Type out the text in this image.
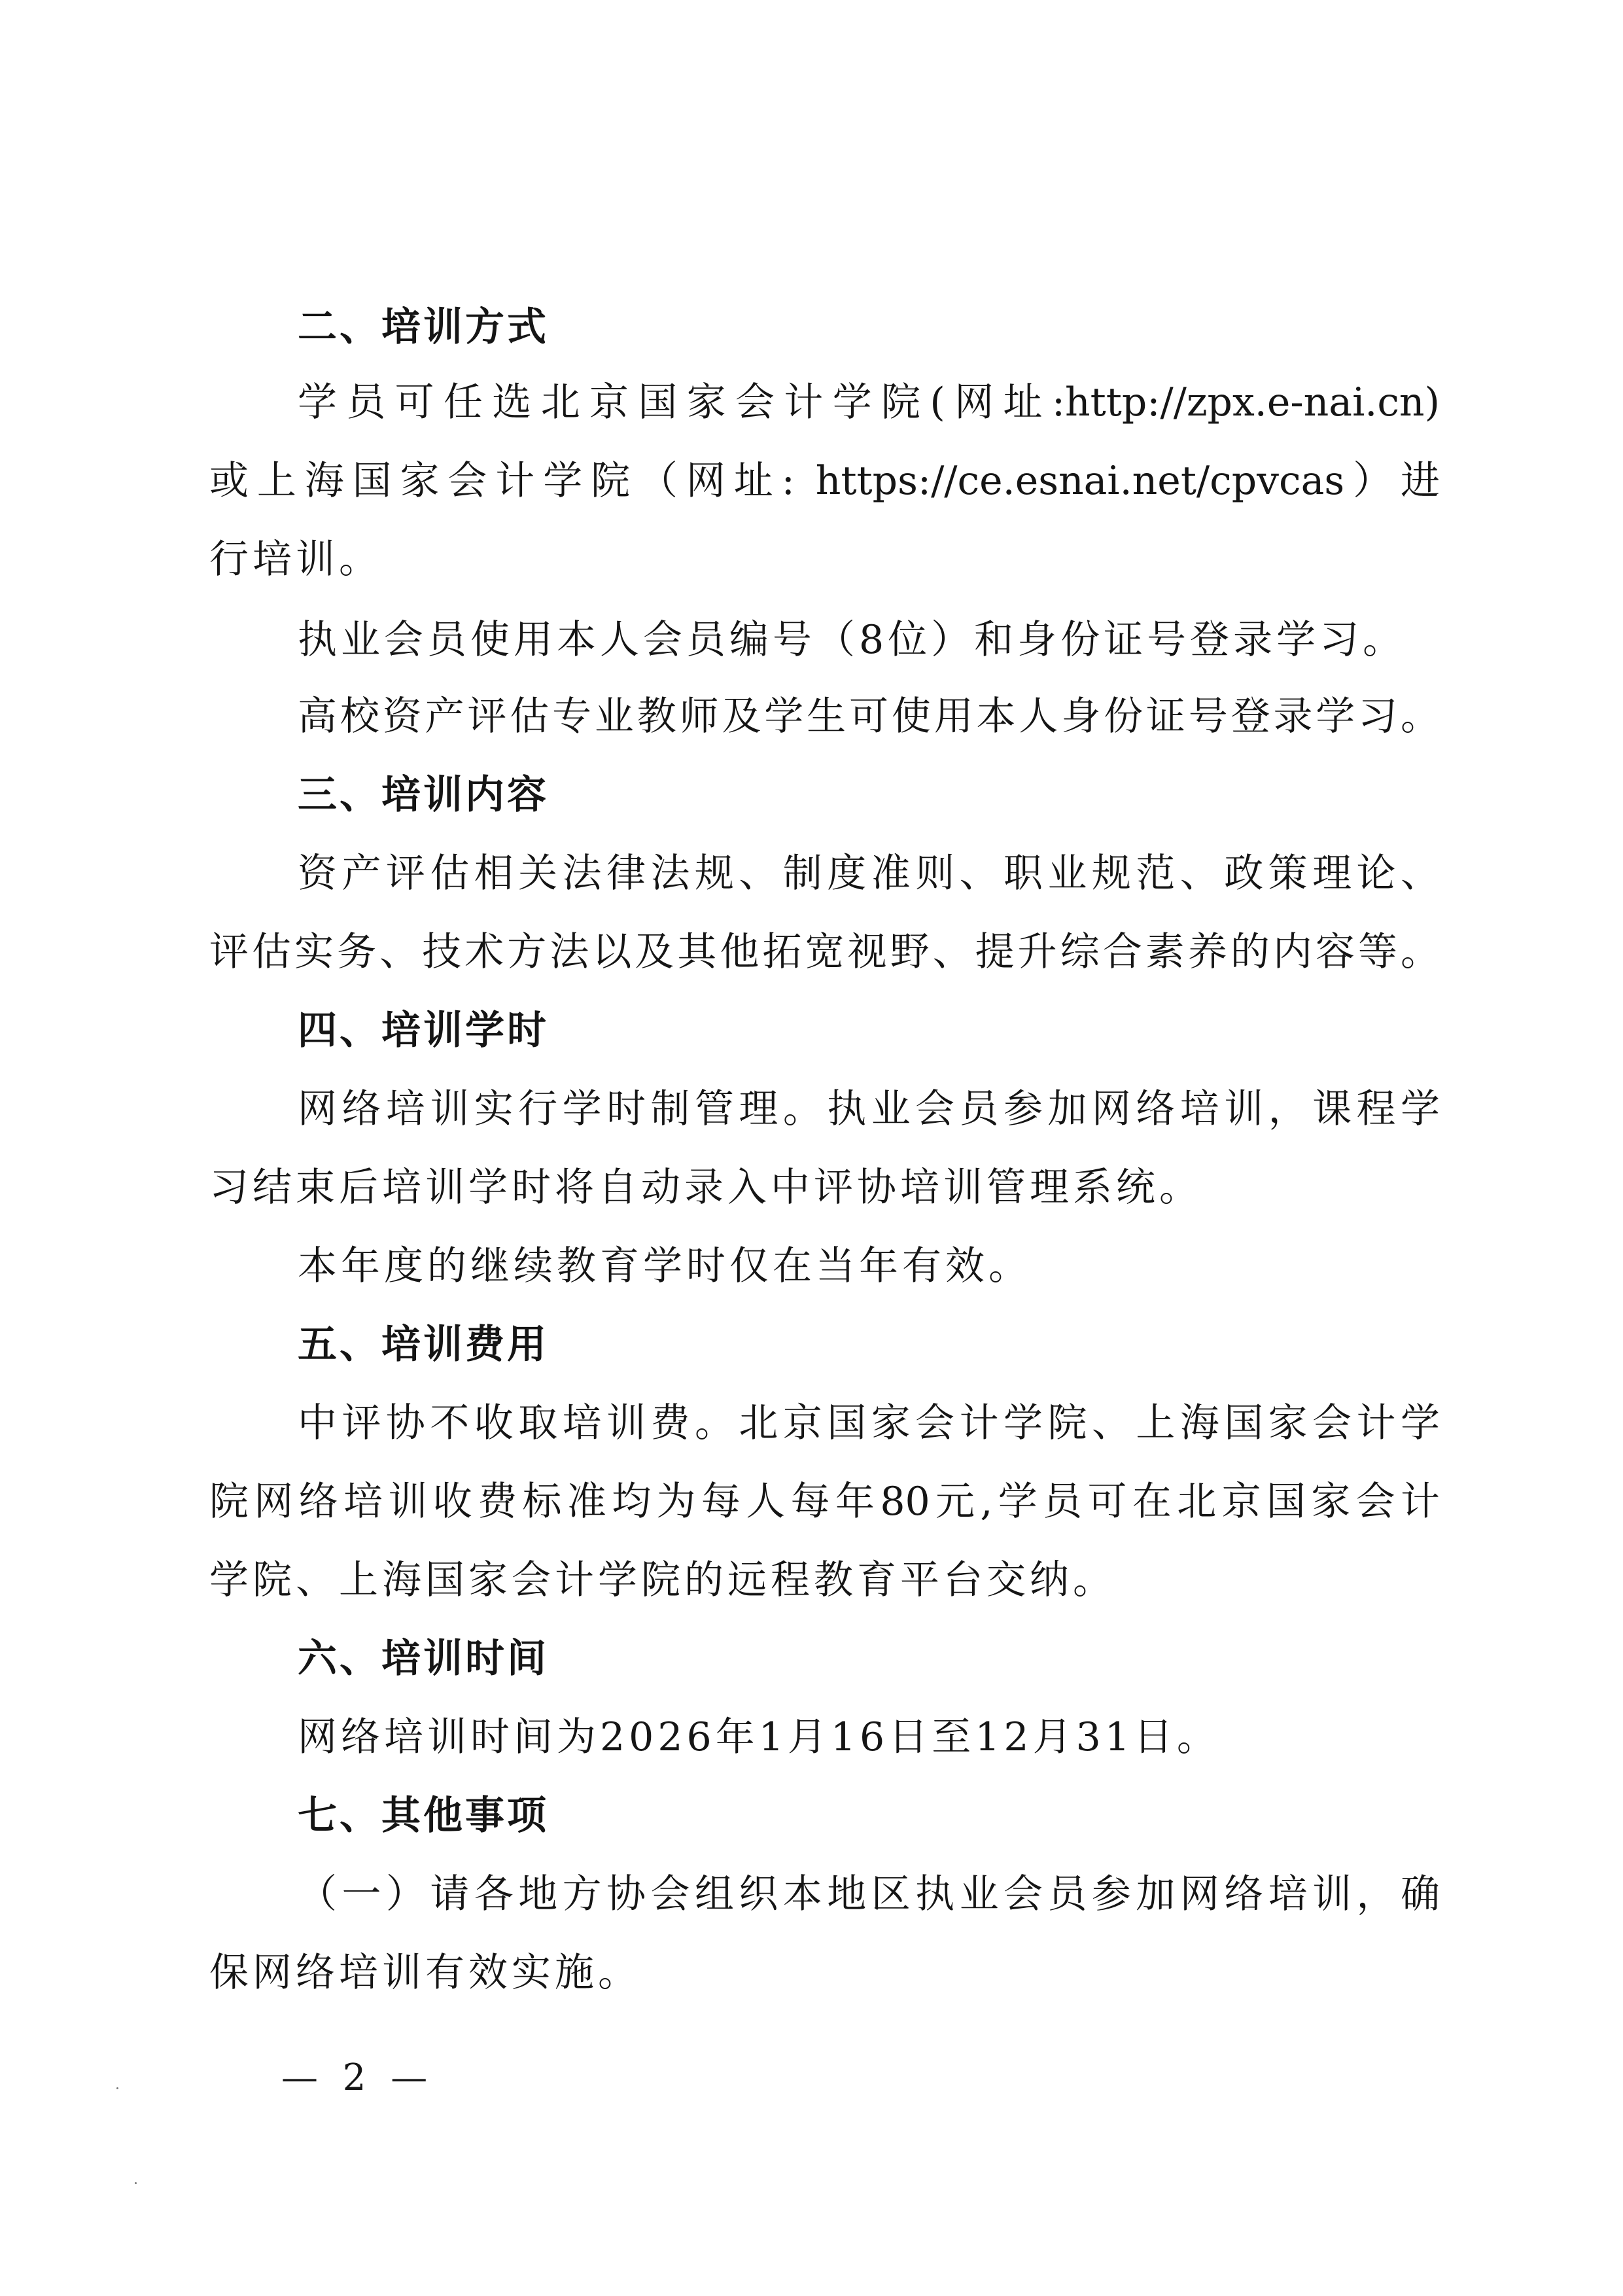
二、培训方式
学员可任选北京国家会计学院(网址:http://zpx.e-nai.cn)
或上海国家会计学院（网址: https://ce.esnai.net/cpvcas）进
行培训。
执业会员使用本人会员编号（8位）和身份证号登录学习。
高校资产评估专业教师及学生可使用本人身份证号登录学习。
三、培训内容
资产评估相关法律法规、制度准则、职业规范、政策理论、
评估实务、技术方法以及其他拓宽视野、提升综合素养的内容等。
四、培训学时
网络培训实行学时制管理。执业会员参加网络培训，课程学
习结束后培训学时将自动录入中评协培训管理系统。
本年度的继续教育学时仅在当年有效。
五、培训费用
中评协不收取培训费。北京国家会计学院、上海国家会计学
院网络培训收费标准均为每人每年80元,学员可在北京国家会计
学院、上海国家会计学院的远程教育平台交纳。
六、培训时间
网络培训时间为2026年1月16日至12月31日。
七、其他事项
（一）请各地方协会组织本地区执业会员参加网络培训，确
保网络培训有效实施。
— 2 —
